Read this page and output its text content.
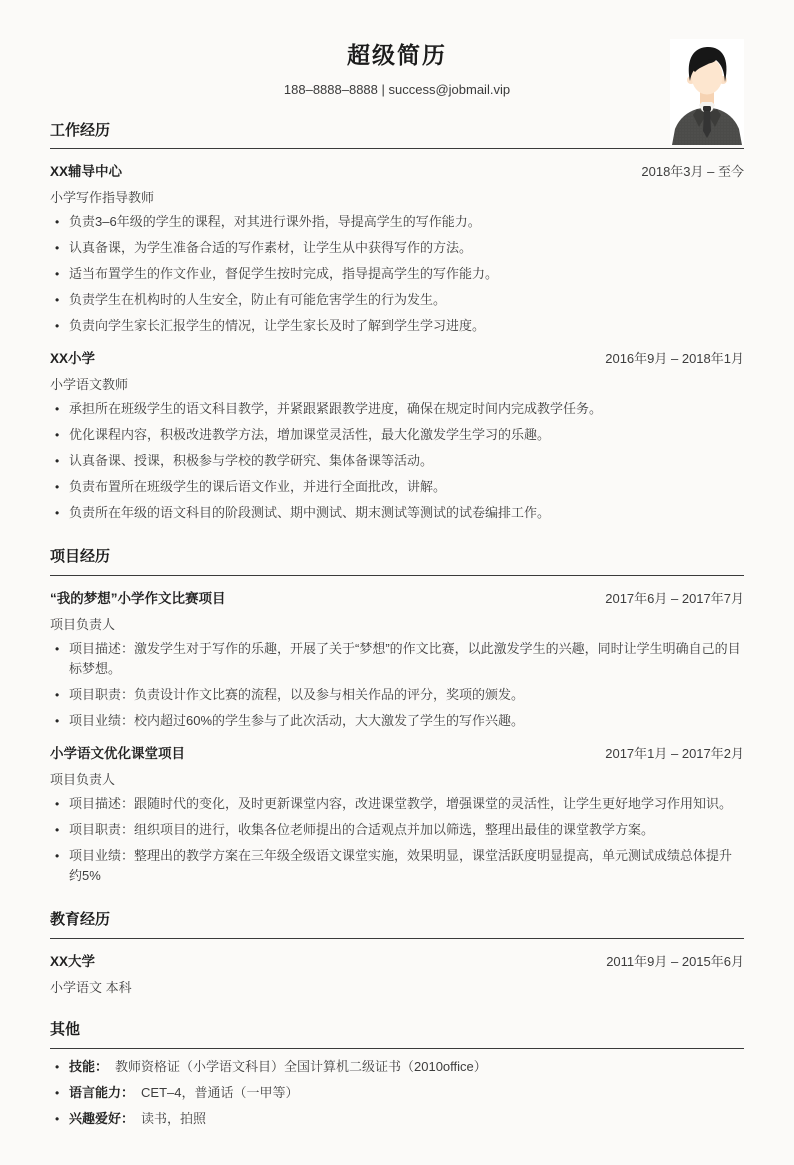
超级简历
188–8888–8888 | success@jobmail.vip
工作经历
XX辅导中心	2018年3月 – 至今
小学写作指导教师
• 负责3–6年级的学生的课程，对其进行课外指，导提高学生的写作能力。
• 认真备课，为学生准备合适的写作素材，让学生从中获得写作的方法。
• 适当布置学生的作文作业，督促学生按时完成，指导提高学生的写作能力。
• 负责学生在机构时的人生安全，防止有可能危害学生的行为发生。
• 负责向学生家长汇报学生的情况，让学生家长及时了解到学生学习进度。
XX小学	2016年9月 – 2018年1月
小学语文教师
• 承担所在班级学生的语文科目教学，并紧跟紧跟教学进度，确保在规定时间内完成教学任务。
• 优化课程内容，积极改进教学方法，增加课堂灵活性，最大化激发学生学习的乐趣。
• 认真备课、授课，积极参与学校的教学研究、集体备课等活动。
• 负责布置所在班级学生的课后语文作业，并进行全面批改，讲解。
• 负责所在年级的语文科目的阶段测试、期中测试、期末测试等测试的试卷编排工作。
项目经历
“我的梦想”小学作文比赛项目	2017年6月 – 2017年7月
项目负责人
• 项目描述：激发学生对于写作的乐趣，开展了关于“梦想”的作文比赛，以此激发学生的兴趣，同时让学生明确自己的目标梦想。
• 项目职责：负责设计作文比赛的流程，以及参与相关作品的评分，奖项的颁发。
• 项目业绩：校内超过60%的学生参与了此次活动，大大激发了学生的写作兴趣。
小学语文优化课堂项目	2017年1月 – 2017年2月
项目负责人
• 项目描述：跟随时代的变化，及时更新课堂内容，改进课堂教学，增强课堂的灵活性，让学生更好地学习作用知识。
• 项目职责：组织项目的进行，收集各位老师提出的合适观点并加以筛选，整理出最佳的课堂教学方案。
• 项目业绩：整理出的教学方案在三年级全级语文课堂实施，效果明显，课堂活跃度明显提高，单元测试成绩总体提升约5%
教育经历
XX大学	2011年9月 – 2015年6月
小学语文 本科
其他
• 技能： 教师资格证（小学语文科目）全国计算机二级证书（2010office）
• 语言能力： CET–4，普通话（一甲等）
• 兴趣爱好： 读书，拍照
